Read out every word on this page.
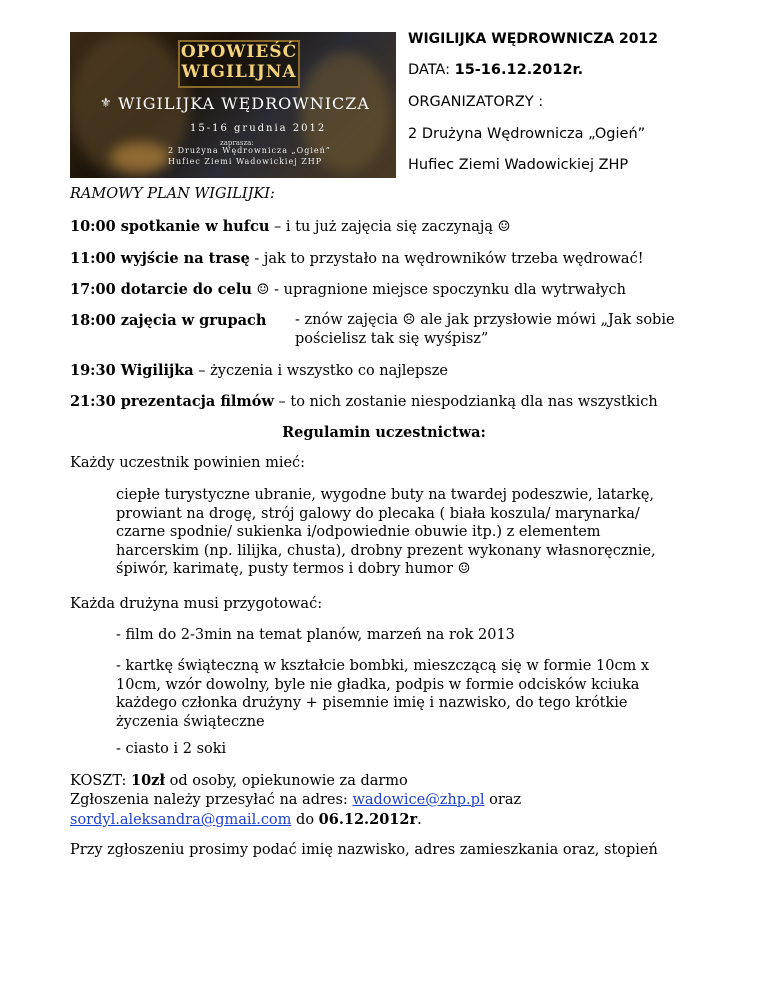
OPOWIEŚĆ
WIGILIJNA
⚜ WIGILIJKA WĘDROWNICZA
15-16 grudnia 2012
zaprasza:
2 Drużyna Wędrownicza „Ogień”
Hufiec Ziemi Wadowickiej ZHP
WIGILIJKA WĘDROWNICZA 2012
DATA: 15-16.12.2012r.
ORGANIZATORZY :
2 Drużyna Wędrownicza „Ogień”
Hufiec Ziemi Wadowickiej ZHP
RAMOWY PLAN WIGILIJKI:
10:00 spotkanie w hufcu – i tu już zajęcia się zaczynają ☺
11:00 wyjście na trasę - jak to przystało na wędrowników trzeba wędrować!
17:00 dotarcie do celu ☺ - upragnione miejsce spoczynku dla wytrwałych
18:00 zajęcia w grupach - znów zajęcia ☹ ale jak przysłowie mówi „Jak sobie
pościelisz tak się wyśpisz”
19:30 Wigilijka – życzenia i wszystko co najlepsze
21:30 prezentacja filmów – to nich zostanie niespodzianką dla nas wszystkich
Regulamin uczestnictwa:
Każdy uczestnik powinien mieć:
ciepłe turystyczne ubranie, wygodne buty na twardej podeszwie, latarkę,
prowiant na drogę, strój galowy do plecaka ( biała koszula/ marynarka/
czarne spodnie/ sukienka i/odpowiednie obuwie itp.) z elementem
harcerskim (np. lilijka, chusta), drobny prezent wykonany własnoręcznie,
śpiwór, karimatę, pusty termos i dobry humor ☺
Każda drużyna musi przygotować:
- film do 2-3min na temat planów, marzeń na rok 2013
- kartkę świąteczną w kształcie bombki, mieszczącą się w formie 10cm x
10cm, wzór dowolny, byle nie gładka, podpis w formie odcisków kciuka
każdego członka drużyny + pisemnie imię i nazwisko, do tego krótkie
życzenia świąteczne
- ciasto i 2 soki
KOSZT: 10zł od osoby, opiekunowie za darmo
Zgłoszenia należy przesyłać na adres: wadowice@zhp.pl oraz
sordyl.aleksandra@gmail.com do 06.12.2012r.
Przy zgłoszeniu prosimy podać imię nazwisko, adres zamieszkania oraz, stopień
